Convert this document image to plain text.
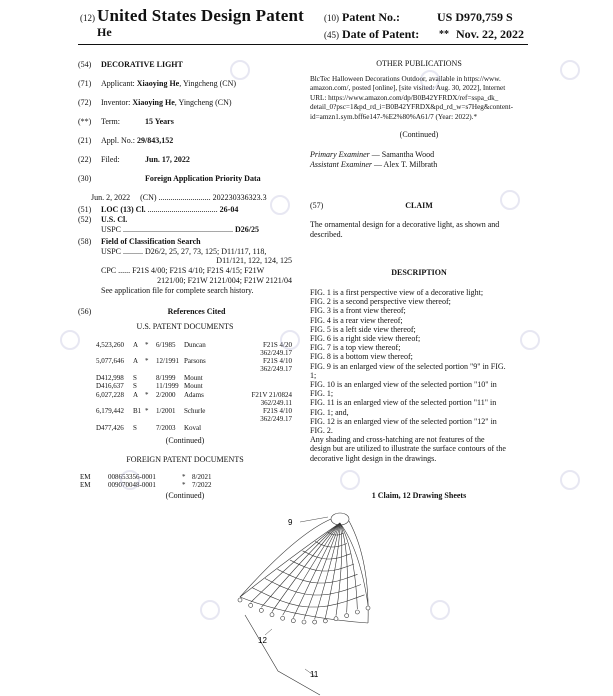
(12) United States Design Patent
He
(10) Patent No.:	US D970,759 S
(45) Date of Patent: ** Nov. 22, 2022
(54) DECORATIVE LIGHT
(71) Applicant: Xiaoying He, Yingcheng (CN)
(72) Inventor: Xiaoying He, Yingcheng (CN)
(**) Term:	15 Years
(21) Appl. No.: 29/843,152
(22) Filed:	Jun. 17, 2022
(30)	Foreign Application Priority Data
Jun. 2, 2022 (CN) .......................... 202230336323.3
(51) LOC (13) Cl. ................................... 26-04
(52) U.S. Cl.
USPC ....................................................... D26/25
(58) Field of Classification Search
USPC .......... D26/2, 25, 27, 73, 125; D11/117, 118,
D11/121, 122, 124, 125
CPC ...... F21S 4/00; F21S 4/10; F21S 4/15; F21W
2121/00; F21W 2121/004; F21W 2121/04
See application file for complete search history.
(56)	References Cited
U.S. PATENT DOCUMENTS
4,523,260 A * 6/1985 Duncan	F21S 4/20
362/249.17
5,077,646 A * 12/1991 Parsons	F21S 4/10
362/249.17
D412,998 S	8/1999 Mount
D416,637 S	11/1999 Mount
6,027,228 A * 2/2000 Adams	F21V 21/0824
362/249.11
6,179,442 B1 * 1/2001 Schurle	F21S 4/10
362/249.17
D477,426 S	7/2003 Koval
(Continued)
FOREIGN PATENT DOCUMENTS
EM	008653356-0001	* 8/2021
EM	009070048-0001	* 7/2022
(Continued)
OTHER PUBLICATIONS
BlcTec Halloween Decorations Outdoor, available in https://www.
amazon.com/, posted [online], [site visited: Aug. 30, 2022], Internet
URL: https://www.amazon.com/dp/B0B42YFRDX/ref=sspa_dk_
detail_0?psc=1&pd_rd_i=B0B42YFRDX&pd_rd_w=s7Heg&content-
id=amzn1.sym.bff6e147-%E2%80%A61/7 (Year: 2022).*
(Continued)
Primary Examiner — Samantha Wood
Assistant Examiner — Alex T. Milbrath
(57)	CLAIM
The ornamental design for a decorative light, as shown and
described.
DESCRIPTION
FIG. 1 is a first perspective view of a decorative light;
FIG. 2 is a second perspective view thereof;
FIG. 3 is a front view thereof;
FIG. 4 is a rear view thereof;
FIG. 5 is a left side view thereof;
FIG. 6 is a right side view thereof;
FIG. 7 is a top view thereof;
FIG. 8 is a bottom view thereof;
FIG. 9 is an enlarged view of the selected portion "9" in FIG.
1;
FIG. 10 is an enlarged view of the selected portion "10" in
FIG. 1;
FIG. 11 is an enlarged view of the selected portion "11" in
FIG. 1; and,
FIG. 12 is an enlarged view of the selected portion "12" in
FIG. 2.
Any shading and cross-hatching are not features of the
design but are utilized to illustrate the surface contours of the
decorative light design in the drawings.
1 Claim, 12 Drawing Sheets
9
12
11
